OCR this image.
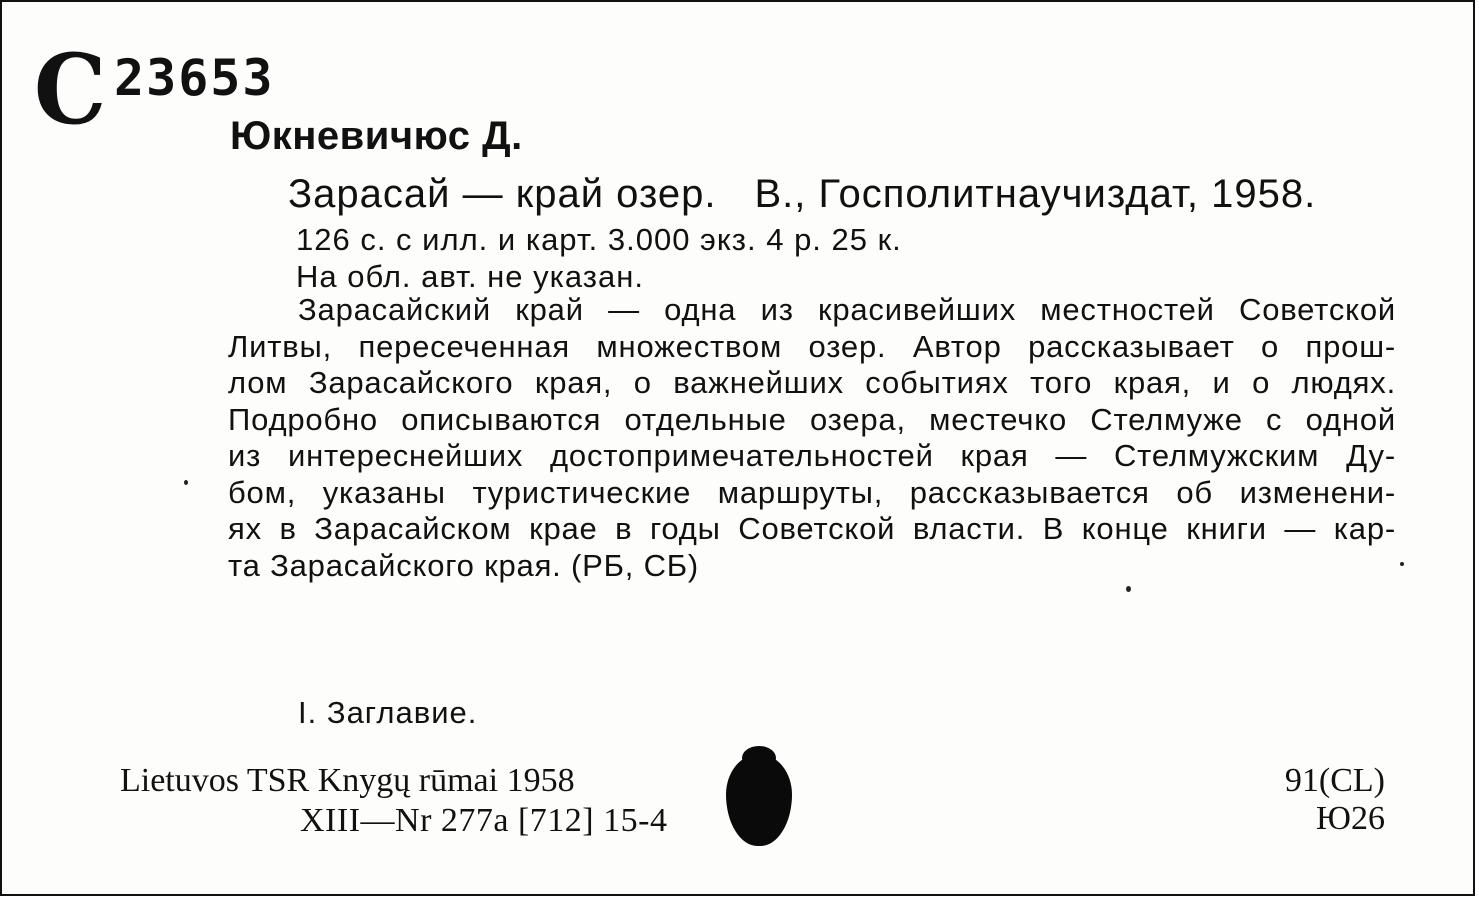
С 23653
Юкневичюс Д.
Зарасай — край озер. В., Госполитнаучиздат, 1958.
126 с. с илл. и карт. 3.000 экз. 4 р. 25 к.
На обл. авт. не указан.
Зарасайский край — одна из красивейших местностей Советской
Литвы, пересеченная множеством озер. Автор рассказывает о прош-
лом Зарасайского края, о важнейших событиях того края, и о людях.
Подробно описываются отдельные озера, местечко Стелмуже с одной
из интереснейших достопримечательностей края — Стелмужским Ду-
бом, указаны туристические маршруты, рассказывается об изменени-
ях в Зарасайском крае в годы Советской власти. В конце книги — кар-
та Зарасайского края. (РБ, СБ)
I. Заглавие.
Lietuvos TSR Knygų rūmai 1958
XIII—Nr 277a [712] 15-4
91(CL)
Ю26
